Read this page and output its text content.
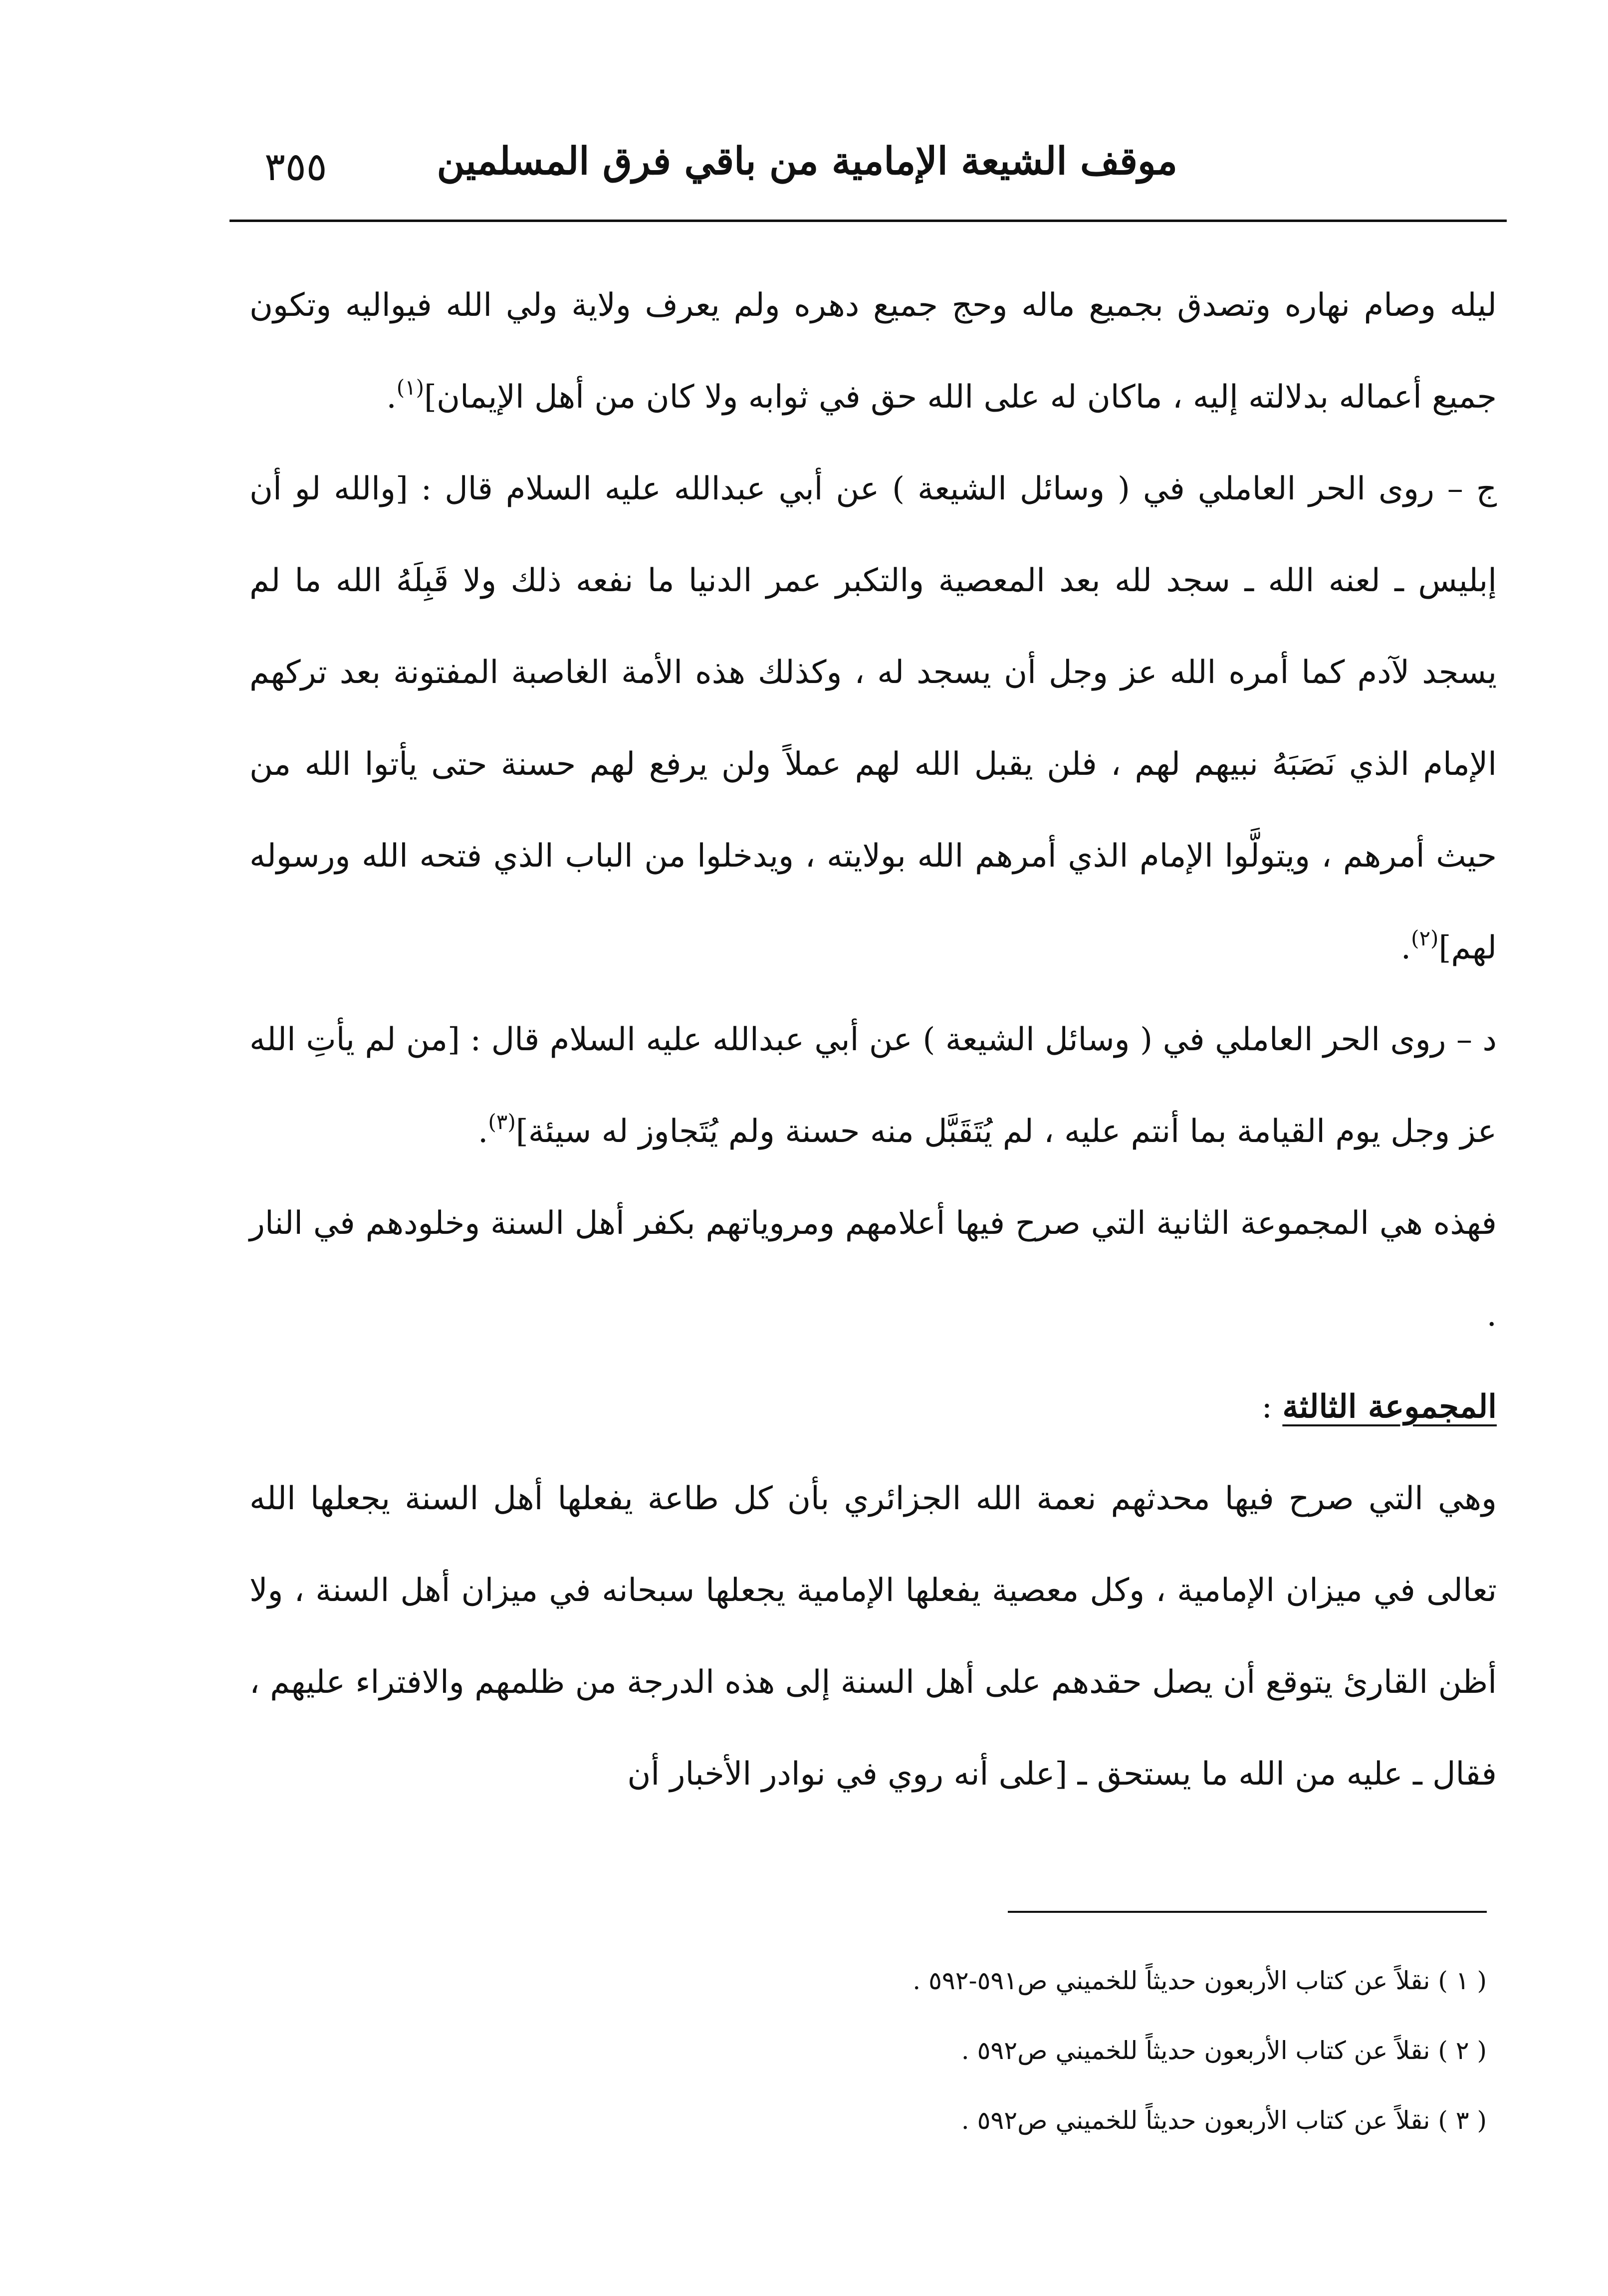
موقف الشيعة الإمامية من باقي فرق المسلمين
٣٥٥

ليله وصام نهاره وتصدق بجميع ماله وحج جميع دهره ولم يعرف ولاية ولي الله فيواليه وتكون جميع أعماله بدلالته إليه ، ماكان له على الله حق في ثوابه ولا كان من أهل الإيمان]$^{(١)}$.

ج – روى الحر العاملي في ( وسائل الشيعة ) عن أبي عبدالله عليه السلام قال : [والله لو أن إبليس ـ لعنه الله ـ سجد لله بعد المعصية والتكبر عمر الدنيا ما نفعه ذلك ولا قَبِلَهُ الله ما لم يسجد لآدم كما أمره الله عز وجل أن يسجد له ، وكذلك هذه الأمة الغاصبة المفتونة بعد تركهم الإمام الذي نَصَبَهُ نبيهم لهم ، فلن يقبل الله لهم عملاً ولن يرفع لهم حسنة حتى يأتوا الله من حيث أمرهم ، ويتولَّوا الإمام الذي أمرهم الله بولايته ، ويدخلوا من الباب الذي فتحه الله ورسوله لهم]$^{(٢)}$.

د – روى الحر العاملي في ( وسائل الشيعة ) عن أبي عبدالله عليه السلام قال : [من لم يأتِ الله عز وجل يوم القيامة بما أنتم عليه ، لم يُتَقَبَّل منه حسنة ولم يُتَجاوز له سيئة]$^{(٣)}$.

فهذه هي المجموعة الثانية التي صرح فيها أعلامهم ومروياتهم بكفر أهل السنة وخلودهم في النار .

المجموعة الثالثة :

وهي التي صرح فيها محدثهم نعمة الله الجزائري بأن كل طاعة يفعلها أهل السنة يجعلها الله تعالى في ميزان الإمامية ، وكل معصية يفعلها الإمامية يجعلها سبحانه في ميزان أهل السنة ، ولا أظن القارئ يتوقع أن يصل حقدهم على أهل السنة إلى هذه الدرجة من ظلمهم والافتراء عليهم ، فقال ـ عليه من الله ما يستحق ـ [على أنه روي في نوادر الأخبار أن

( ١ ) نقلاً عن كتاب الأربعون حديثاً للخميني ص٥٩١-٥٩٢ .

( ٢ ) نقلاً عن كتاب الأربعون حديثاً للخميني ص٥٩٢ .

( ٣ ) نقلاً عن كتاب الأربعون حديثاً للخميني ص٥٩٢ .
